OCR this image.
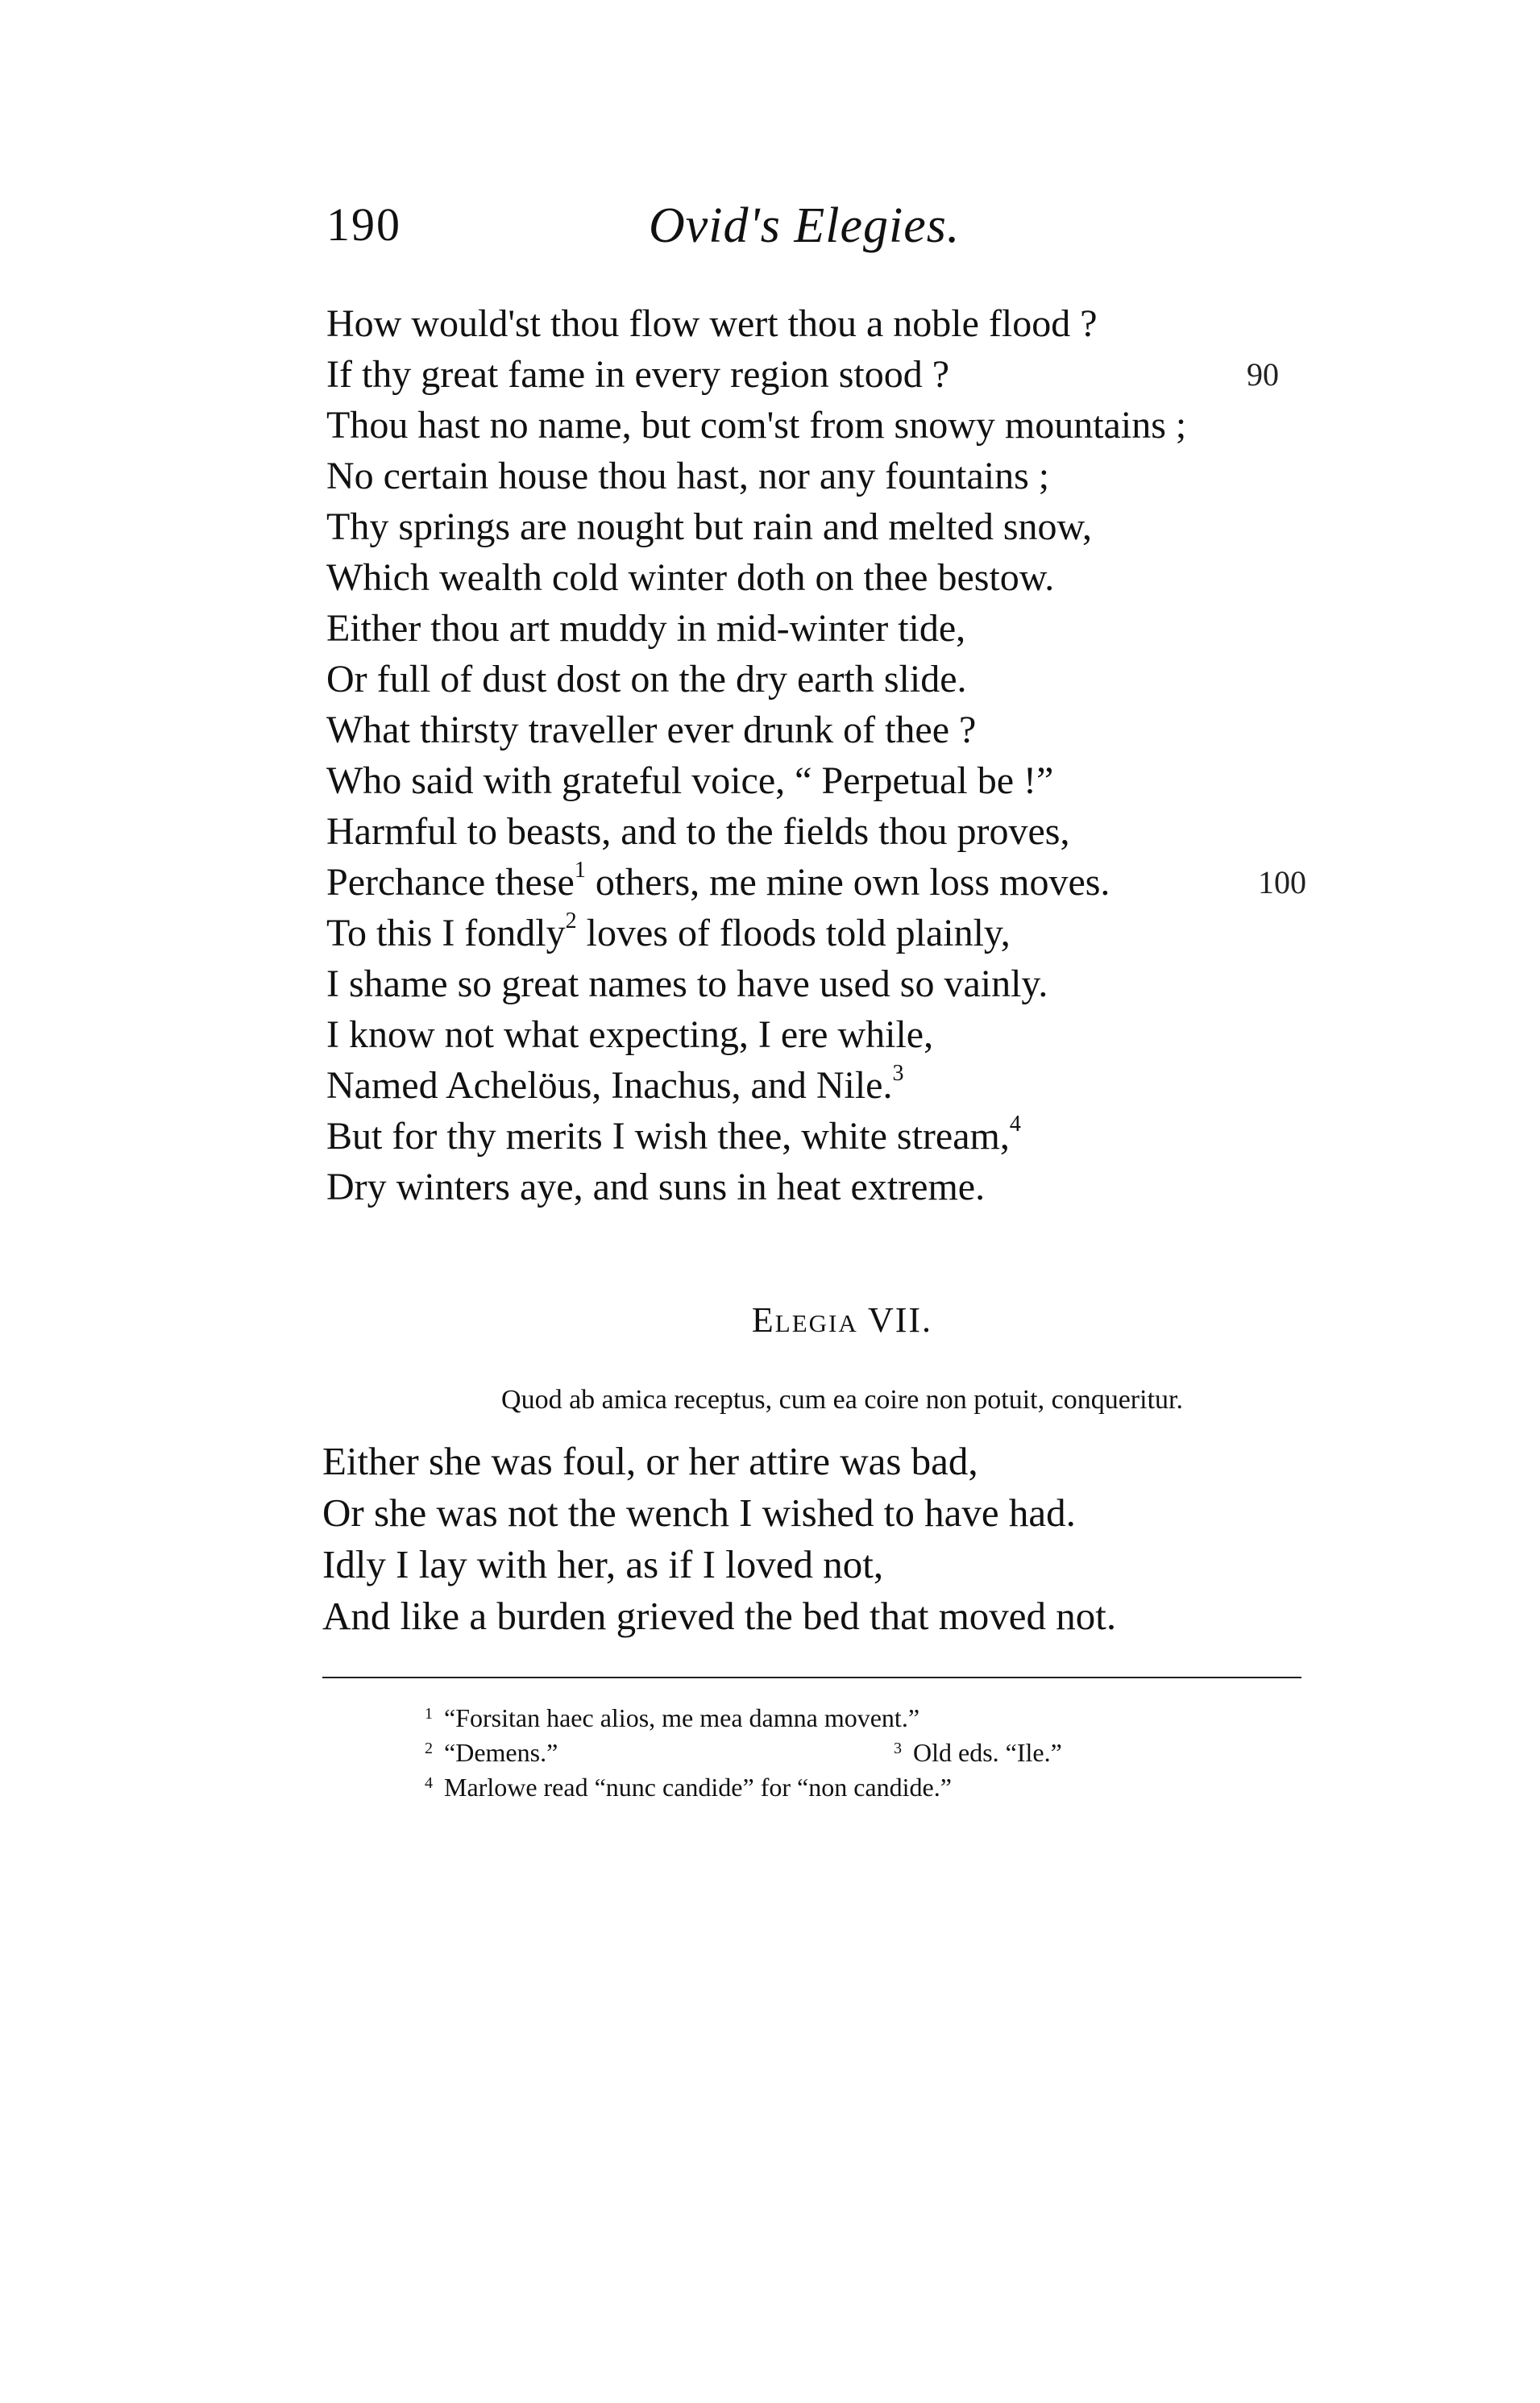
190	Ovid's Elegies.
How would'st thou flow wert thou a noble flood ?
If thy great fame in every region stood ?	90
Thou hast no name, but com'st from snowy mountains ;
No certain house thou hast, nor any fountains ;
Thy springs are nought but rain and melted snow,
Which wealth cold winter doth on thee bestow.
Either thou art muddy in mid-winter tide,
Or full of dust dost on the dry earth slide.
What thirsty traveller ever drunk of thee ?
Who said with grateful voice, “ Perpetual be !”
Harmful to beasts, and to the fields thou proves,
Perchance these$^1$ others, me mine own loss moves.	100
To this I fondly$^2$ loves of floods told plainly,
I shame so great names to have used so vainly.
I know not what expecting, I ere while,
Named Achelöus, Inachus, and Nile.$^3$
But for thy merits I wish thee, white stream,$^4$
Dry winters aye, and suns in heat extreme.
Elegia VII.
Quod ab amica receptus, cum ea coire non potuit, conqueritur.
Either she was foul, or her attire was bad,
Or she was not the wench I wished to have had.
Idly I lay with her, as if I loved not,
And like a burden grieved the bed that moved not.
$^1$ “Forsitan haec alios, me mea damna movent.”
$^2$ “Demens.”	$^3$ Old eds. “Ile.”
$^4$ Marlowe read “nunc candide” for “non candide.”
